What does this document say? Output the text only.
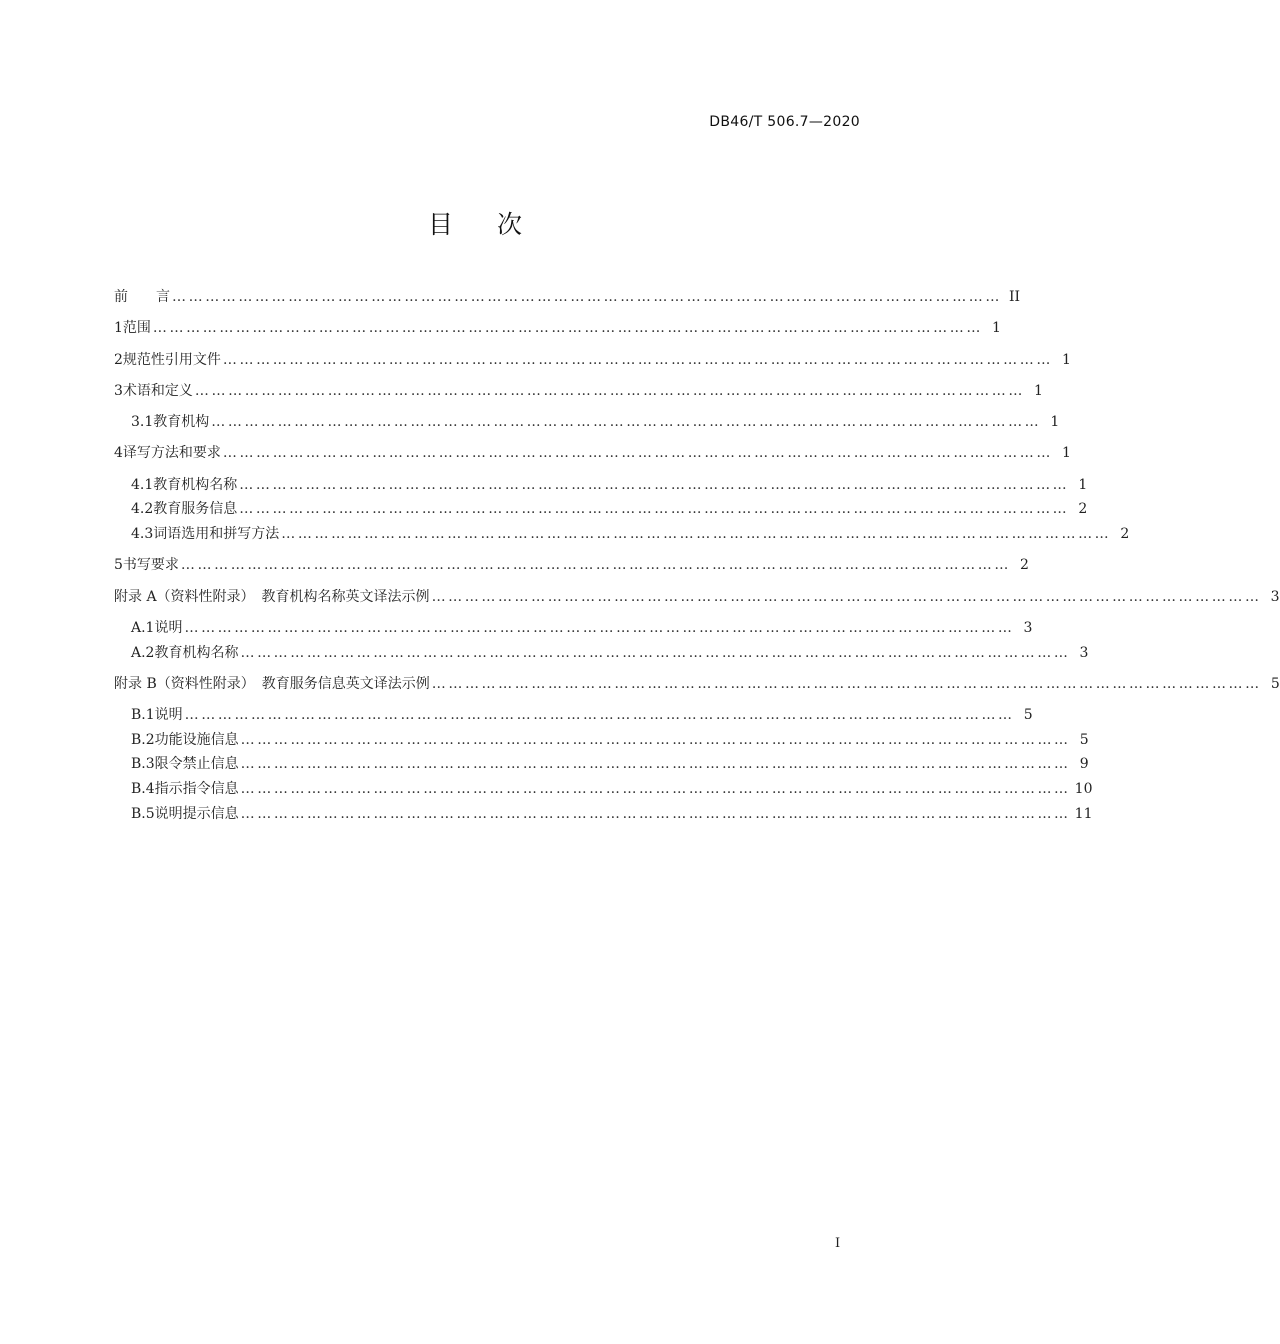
DB46/T 506.7—2020
目次
前　　言 …………………………………………………………………………………………………………………………………… II
1 范围 …………………………………………………………………………………………………………………………………… 1
2 规范性引用文件 …………………………………………………………………………………………………………………………………… 1
3 术语和定义 …………………………………………………………………………………………………………………………………… 1
3.1 教育机构 …………………………………………………………………………………………………………………………………… 1
4 译写方法和要求 …………………………………………………………………………………………………………………………………… 1
4.1 教育机构名称 …………………………………………………………………………………………………………………………………… 1
4.2 教育服务信息 …………………………………………………………………………………………………………………………………… 2
4.3 词语选用和拼写方法 …………………………………………………………………………………………………………………………………… 2
5 书写要求 …………………………………………………………………………………………………………………………………… 2
附录 A（资料性附录）　教育机构名称英文译法示例 …………………………………………………………………………………………………………………………………… 3
A.1 说明 …………………………………………………………………………………………………………………………………… 3
A.2 教育机构名称 …………………………………………………………………………………………………………………………………… 3
附录 B（资料性附录）　教育服务信息英文译法示例 …………………………………………………………………………………………………………………………………… 5
B.1 说明 …………………………………………………………………………………………………………………………………… 5
B.2 功能设施信息 …………………………………………………………………………………………………………………………………… 5
B.3 限令禁止信息 …………………………………………………………………………………………………………………………………… 9
B.4 指示指令信息 …………………………………………………………………………………………………………………………………… 10
B.5 说明提示信息 …………………………………………………………………………………………………………………………………… 11
I
